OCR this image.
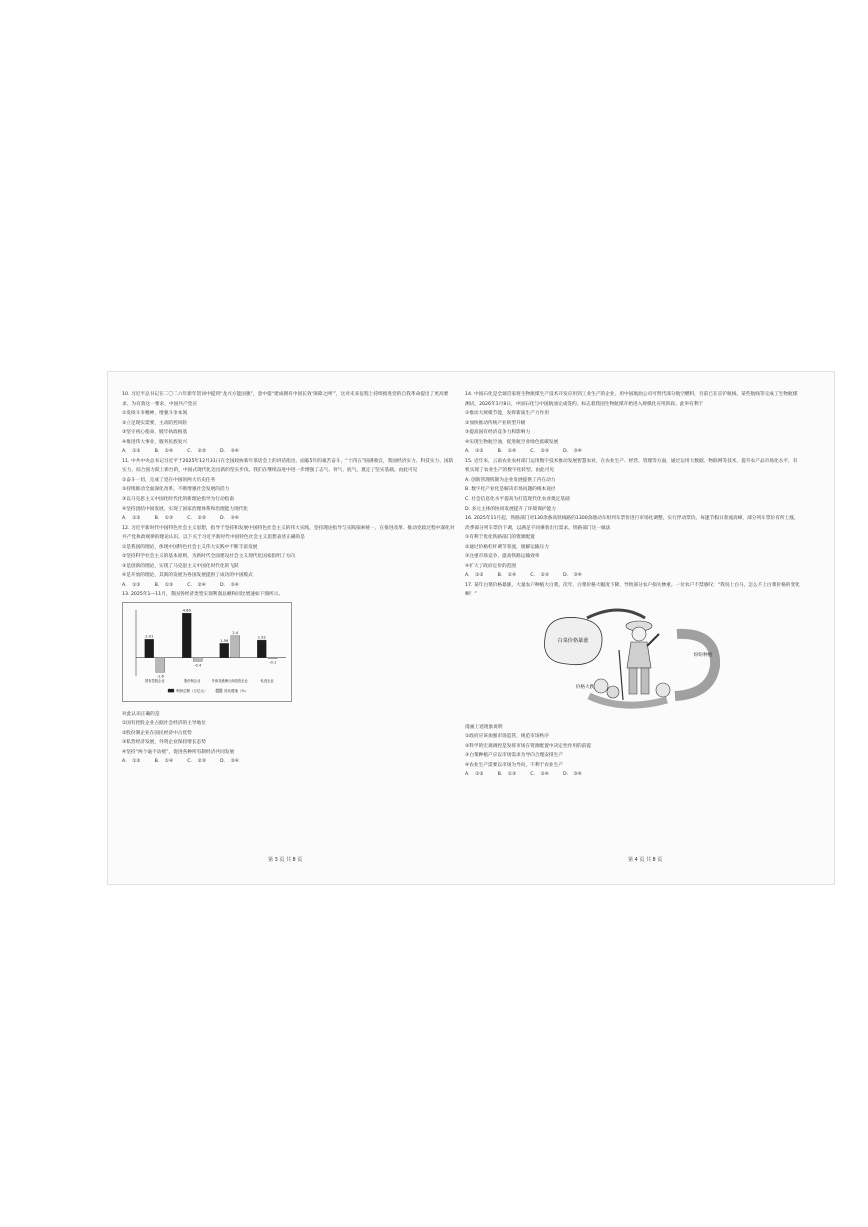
10. 习近平总书记在二〇二六年新年贺词中提到“龙兴方能国强”，意中提“建成拥有中国长效‘保障之网’”，这对未来征程上持续推进党的自我革命提出了更高要求。为有效这一要求，中国共产党应

①发扬斗争精神，增强斗争本领

②立足现实需要，主动防控风险

③坚守初心使命，锻牢执政根基

④推进伟大事业，服务民族复兴

A. ①②　　　B. ①④　　　C. ②③　　　D. ③④

11. 中共中央总书记习近平于2025年12月31日在全国政协新年茶话会上的讲话指出，面临5年的艰苦奋斗，“十四五”圆满收官，我国经济实力、科技实力、国防实力、综合国力跃上新台阶，中国式现代化迈出新的坚实步伐。我们在继续奋进中进一步增强了志气、骨气、底气，奠定了坚实基础。由此可见

①奋斗一切，完成了党在中国的两大历史任务

②持续推动全面深化改革，不断增强社会发展的活力

③以马克思主义中国化时代化的新理论指导为行动指南

④坚持团结中国发展，实现了国家治理体系和治理能力现代化

A. ①②　　　B. ①③　　　C. ②③　　　D. ③④

12. 习近平新时代中国特色社会主义思想，指导于坚持和发展中国特色社会主义的伟大实践，坚持理论指导与实践探索统一，在推进改革、推动党政过程中深化对共产党执政规律的理论认识。以下关于习近平新时代中国特色社会主义思想表述正确的是

①是我国的理论，体现中国特色社会主义伟大实践中不断丰富发展

②坚持科学社会主义的基本原则，为新时代全面建设社会主义现代化国家指明了方向

③是创新的理论，实现了马克思主义中国化时代化的飞跃

④是开放的理论，其新的发展为各国发展提供了成功的中国模式

A. ①②　　　B. ①③　　　C. ②④　　　D. ③④

13. 2025年1—11月，我国各经济类型实现利润总额和同比增速如下图所示。

2.01
-1.6
国有控股企业
4.86
-0.4
股份制企业
1.56
2.4
外商及港澳台商投资企业
1.92
-0.1
私营企业
利润总额（万亿元）	同比增速（%）

对此认识正确的是

①国有控股企业占据社会经济的主导地位

②股份制企业在国民经济中占优势

③私营经济发展，外资企业保持增长态势

④坚持“两个毫不动摇”，促进各种所有制经济共同发展

A. ①②　　　B. ①④　　　C. ②③　　　D. ③④

14. 中国石化是全球首家将生物航煤生产技术开发应用到工业生产的企业，用中国航油公司可替代部分航空燃料，目前已在京沪航线、某些航线等完成了生物航煤测试，2026年1月8日，中国石化与中国航油完成签约。标志着我国生物航煤开始进入规模化应用阶段。此举有利于

①推动大规模节能，发挥新质生产力作用

②加快推动传统产业转型升级

③提高国有经济竞争力和影响力

④实现生物航空油，促进航空业绿色低碳发展

A. ①②　　　B. ①④　　　C. ②③　　　D. ③④

15. 近年来，云南农业农村部门运用数字技术推动发展智慧农业，在农业生产、经营、管理等方面，通过运用大数据、物联网等技术，提升农产品市场化水平，有机实现了农业生产的数字化转型。由此可见

A. 创新管理机制为企业发展提供了内在动力

B. 数字化产业化是解决市场问题的根本途径

C. 社会信息化水平提高为打造现代化农业奠定基础

D. 多元主体的协同发展提升了环境保护能力

16. 2025年11月起，铁路部门对130余条高铁线路的1300余趟动车组列车票价进行市场化调整，实行浮动票价。每逢节假日客流高峰，部分列车票价有所上涨，淡季部分列车票价下调，以满足不同乘客出行需求。铁路部门这一做法

①有利于优化铁路部门的资源配置

②通过价格杠杆调节客流，缓解运输压力

③注重市场竞争，提高铁路运输效率

④扩大了政府定价的范围

A. ①②　　　B. ①④　　　C. ②③　　　D. ③④

17. 某年白菜价格暴涨，大量农户种植大白菜。次年，白菜价格大幅度下降，导致部分农户损失惨重。一位农户不禁感叹：“我说上白马，怎么不上白菜价格的变化啊！”

白菜价格暴涨
纷纷种植
价格大跌

漫画上述现象说明

①政府应该加强市场监管，规范市场秩序

②科学的宏观调控是发挥市场在资源配置中决定性作用的前提

③白菜种植户应以市场需求为导向合理安排生产

④农业生产需要以市场为导向，不利于农业生产

A. ①②　　　B. ①③　　　C. ②④　　　D. ③④

第 3 页 共 8 页	第 4 页 共 8 页
